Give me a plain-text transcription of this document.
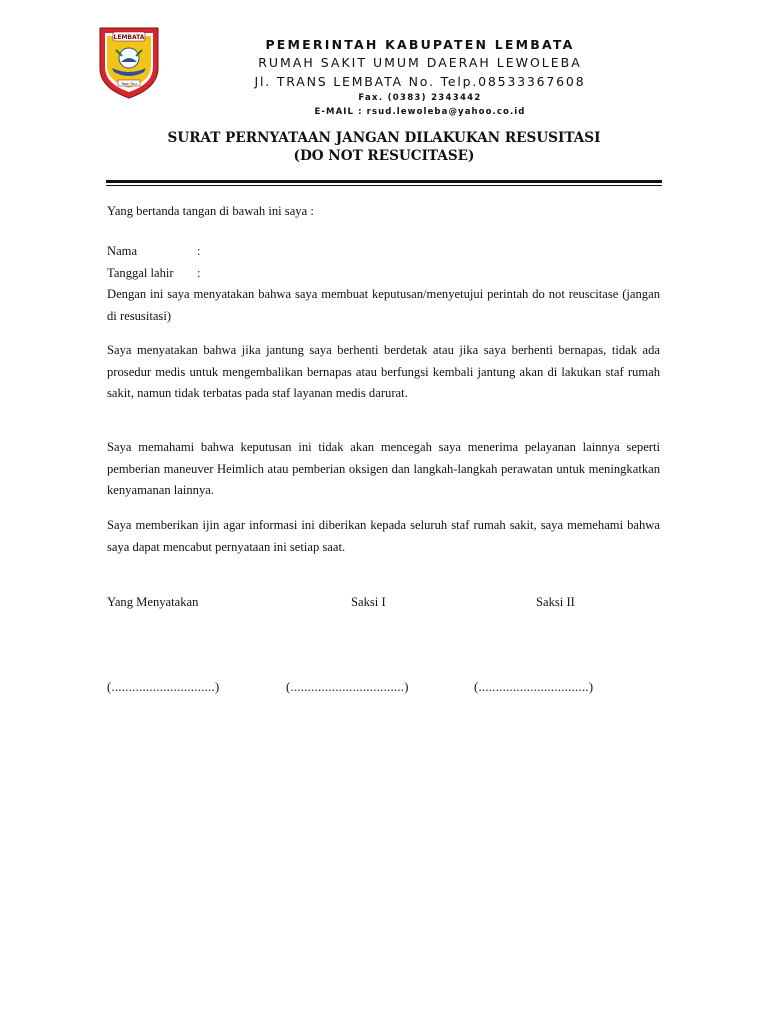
LEMBATA
Taan Tou
PEMERINTAH KABUPATEN LEMBATA
RUMAH SAKIT UMUM DAERAH LEWOLEBA
Jl. TRANS LEMBATA No. Telp.08533367608
Fax. (0383) 2343442
E-MAIL : rsud.lewoleba@yahoo.co.id
SURAT PERNYATAAN JANGAN DILAKUKAN RESUSITASI
(DO NOT RESUCITASE)
Yang bertanda tangan di bawah ini saya :
Nama	:
Tanggal lahir :
Dengan ini saya menyatakan bahwa saya membuat keputusan/menyetujui perintah do not reuscitase (jangan di resusitasi)
Saya menyatakan bahwa jika jantung saya berhenti berdetak atau jika saya berhenti bernapas, tidak ada prosedur medis untuk mengembalikan bernapas atau berfungsi kembali jantung akan di lakukan staf rumah sakit, namun tidak terbatas pada staf layanan medis darurat.
Saya memahami bahwa keputusan ini tidak akan mencegah saya menerima pelayanan lainnya seperti pemberian maneuver Heimlich atau pemberian oksigen dan langkah-langkah perawatan untuk meningkatkan kenyamanan lainnya.
Saya memberikan ijin agar informasi ini diberikan kepada seluruh staf rumah sakit, saya memehami bahwa saya dapat mencabut pernyataan ini setiap saat.
Yang Menyatakan	Saksi I	Saksi II
(..............................)	(.................................)	(................................)
